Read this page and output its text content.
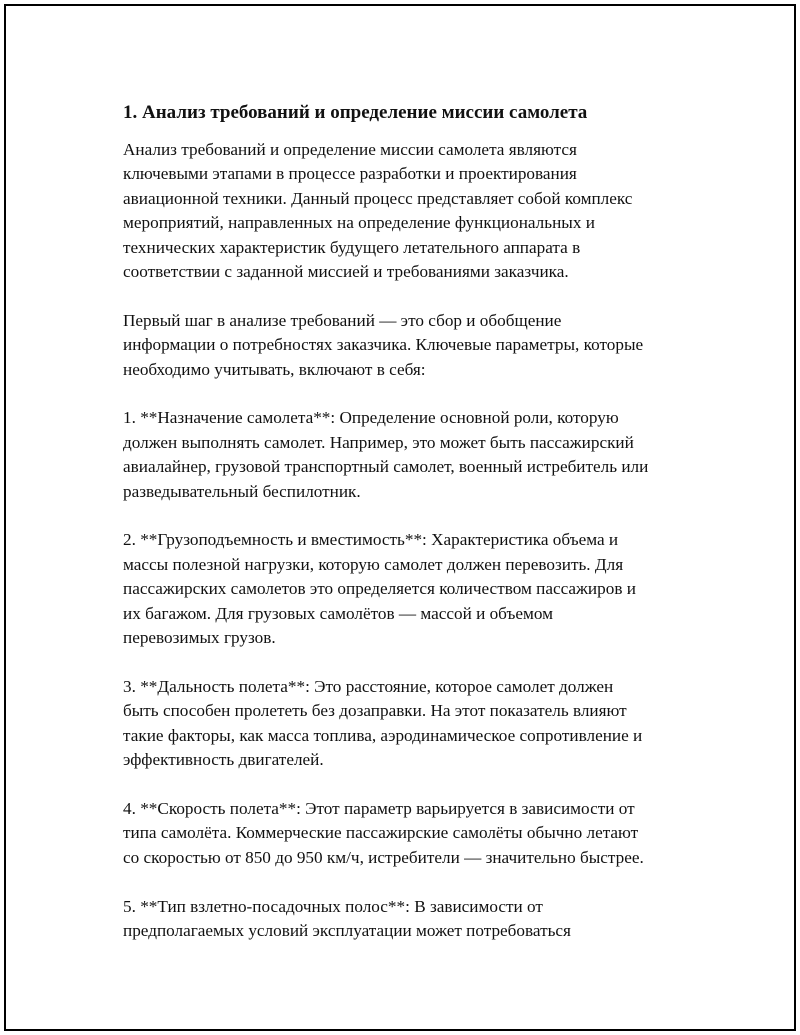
1. Анализ требований и определение миссии самолета
Анализ требований и определение миссии самолета являются
ключевыми этапами в процессе разработки и проектирования
авиационной техники. Данный процесс представляет собой комплекс
мероприятий, направленных на определение функциональных и
технических характеристик будущего летательного аппарата в
соответствии с заданной миссией и требованиями заказчика.
Первый шаг в анализе требований — это сбор и обобщение
информации о потребностях заказчика. Ключевые параметры, которые
необходимо учитывать, включают в себя:
1. **Назначение самолета**: Определение основной роли, которую
должен выполнять самолет. Например, это может быть пассажирский
авиалайнер, грузовой транспортный самолет, военный истребитель или
разведывательный беспилотник.
2. **Грузоподъемность и вместимость**: Характеристика объема и
массы полезной нагрузки, которую самолет должен перевозить. Для
пассажирских самолетов это определяется количеством пассажиров и
их багажом. Для грузовых самолётов — массой и объемом
перевозимых грузов.
3. **Дальность полета**: Это расстояние, которое самолет должен
быть способен пролететь без дозаправки. На этот показатель влияют
такие факторы, как масса топлива, аэродинамическое сопротивление и
эффективность двигателей.
4. **Скорость полета**: Этот параметр варьируется в зависимости от
типа самолёта. Коммерческие пассажирские самолёты обычно летают
со скоростью от 850 до 950 км/ч, истребители — значительно быстрее.
5. **Тип взлетно-посадочных полос**: В зависимости от
предполагаемых условий эксплуатации может потребоваться
